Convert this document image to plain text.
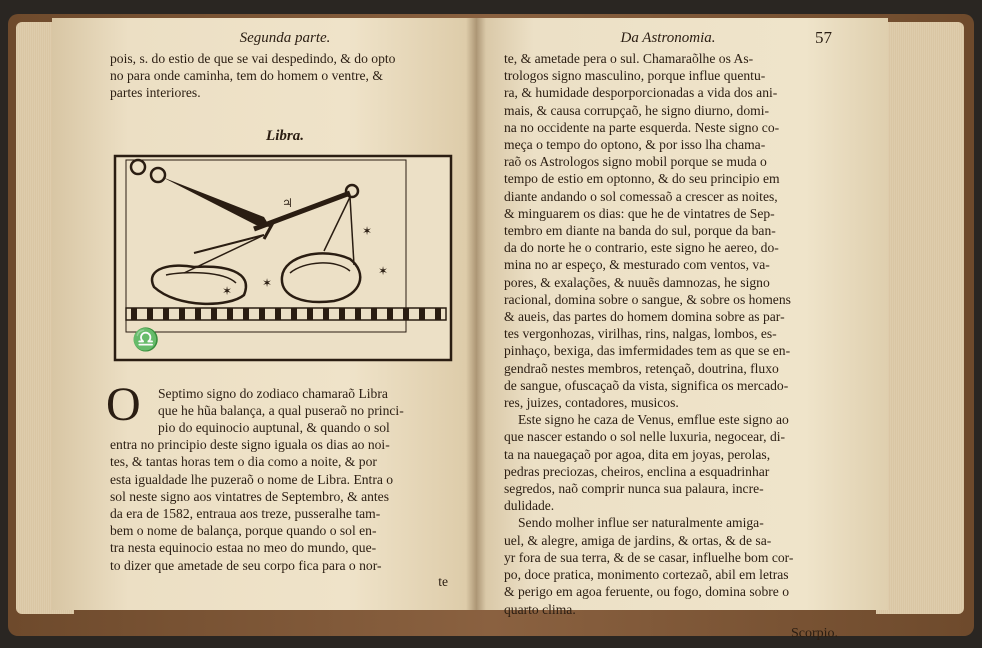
Segunda parte.
pois, s. do estio de que se vai despedindo, & do opto
no para onde caminha, tem do homem o ventre, &
partes interiores.
Libra.
✶
✶
✶
✶
♃
♎
O	Septimo signo do zodiaco chamaraõ Libra
que he hũa balança, a qual puseraõ no princi-
pio do equinocio auptunal, & quando o sol
entra no principio deste signo iguala os dias ao noi-
tes, & tantas horas tem o dia como a noite, & por
esta igualdade lhe puzeraõ o nome de Libra. Entra o
sol neste signo aos vintatres de Septembro, & antes
da era de 1582, entraua aos treze, pusseralhe tam-
bem o nome de balança, porque quando o sol en-
tra nesta equinocio estaa no meo do mundo, que-
to dizer que ametade de seu corpo fica para o nor-
te
Da Astronomia.	57
te, & ametade pera o sul. Chamaraõlhe os As-
trologos signo masculino, porque influe quentu-
ra, & humidade desporporcionadas a vida dos ani-
mais, & causa corrupçaõ, he signo diurno, domi-
na no occidente na parte esquerda. Neste signo co-
meça o tempo do optono, & por isso lha chama-
raõ os Astrologos signo mobil porque se muda o
tempo de estio em optonno, & do seu principio em
diante andando o sol comessaõ a crescer as noites,
& minguarem os dias: que he de vintatres de Sep-
tembro em diante na banda do sul, porque da ban-
da do norte he o contrario, este signo he aereo, do-
mina no ar espeço, & mesturado com ventos, va-
pores, & exalações, & nuuẽs damnozas, he signo
racional, domina sobre o sangue, & sobre os homens
& aueis, das partes do homem domina sobre as par-
tes vergonhozas, virilhas, rins, nalgas, lombos, es-
pinhaço, bexiga, das imfermidades tem as que se en-
gendraõ nestes membros, retençaõ, doutrina, fluxo
de sangue, ofuscaçaõ da vista, significa os mercado-
res, juizes, contadores, musicos.
Este signo he caza de Venus, emflue este signo ao
que nascer estando o sol nelle luxuria, negocear, di-
ta na nauegaçaõ por agoa, dita em joyas, perolas,
pedras preciozas, cheiros, enclina a esquadrinhar
segredos, naõ comprir nunca sua palaura, incre-
dulidade.
Sendo molher influe ser naturalmente amiga-
uel, & alegre, amiga de jardins, & ortas, & de sa-
yr fora de sua terra, & de se casar, influelhe bom cor-
po, doce pratica, monimento cortezaõ, abil em letras
& perigo em agoa feruente, ou fogo, domina sobre o
quarto clima.
Scorpio.
